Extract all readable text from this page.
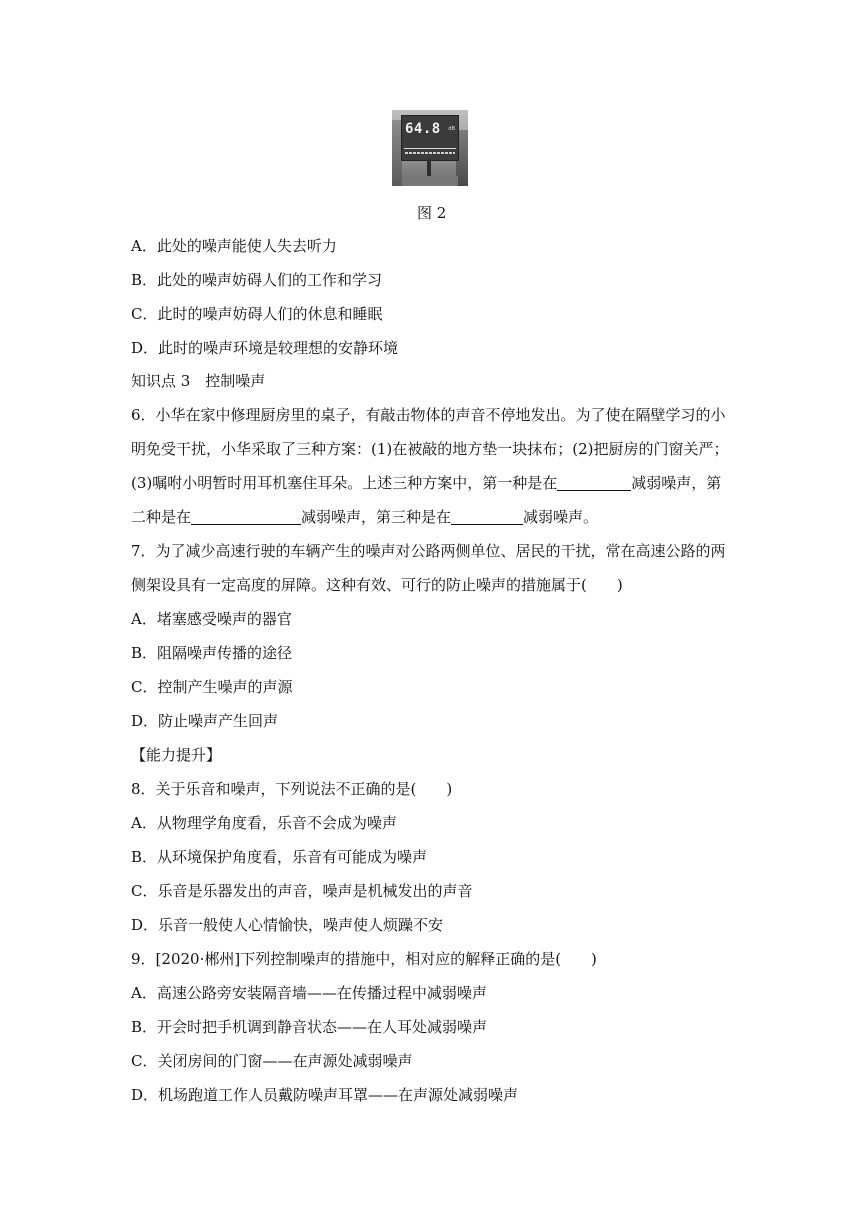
64.8 dB
图 2

A．此处的噪声能使人失去听力

B．此处的噪声妨碍人们的工作和学习

C．此时的噪声妨碍人们的休息和睡眠

D．此时的噪声环境是较理想的安静环境

知识点 3　控制噪声

6．小华在家中修理厨房里的桌子，有敲击物体的声音不停地发出。为了使在隔壁学习的小

明免受干扰，小华采取了三种方案：(1)在被敲的地方垫一块抹布；(2)把厨房的门窗关严；

(3)嘱咐小明暂时用耳机塞住耳朵。上述三种方案中，第一种是在	减弱噪声，第

二种是在	减弱噪声，第三种是在	减弱噪声。

7．为了减少高速行驶的车辆产生的噪声对公路两侧单位、居民的干扰，常在高速公路的两

侧架设具有一定高度的屏障。这种有效、可行的防止噪声的措施属于(　　)

A．堵塞感受噪声的器官

B．阻隔噪声传播的途径

C．控制产生噪声的声源

D．防止噪声产生回声

【能力提升】

8．关于乐音和噪声，下列说法不正确的是(　　)

A．从物理学角度看，乐音不会成为噪声

B．从环境保护角度看，乐音有可能成为噪声

C．乐音是乐器发出的声音，噪声是机械发出的声音

D．乐音一般使人心情愉快，噪声使人烦躁不安

9．[2020·郴州]下列控制噪声的措施中，相对应的解释正确的是(　　)

A．高速公路旁安装隔音墙——在传播过程中减弱噪声

B．开会时把手机调到静音状态——在人耳处减弱噪声

C．关闭房间的门窗——在声源处减弱噪声

D．机场跑道工作人员戴防噪声耳罩——在声源处减弱噪声
